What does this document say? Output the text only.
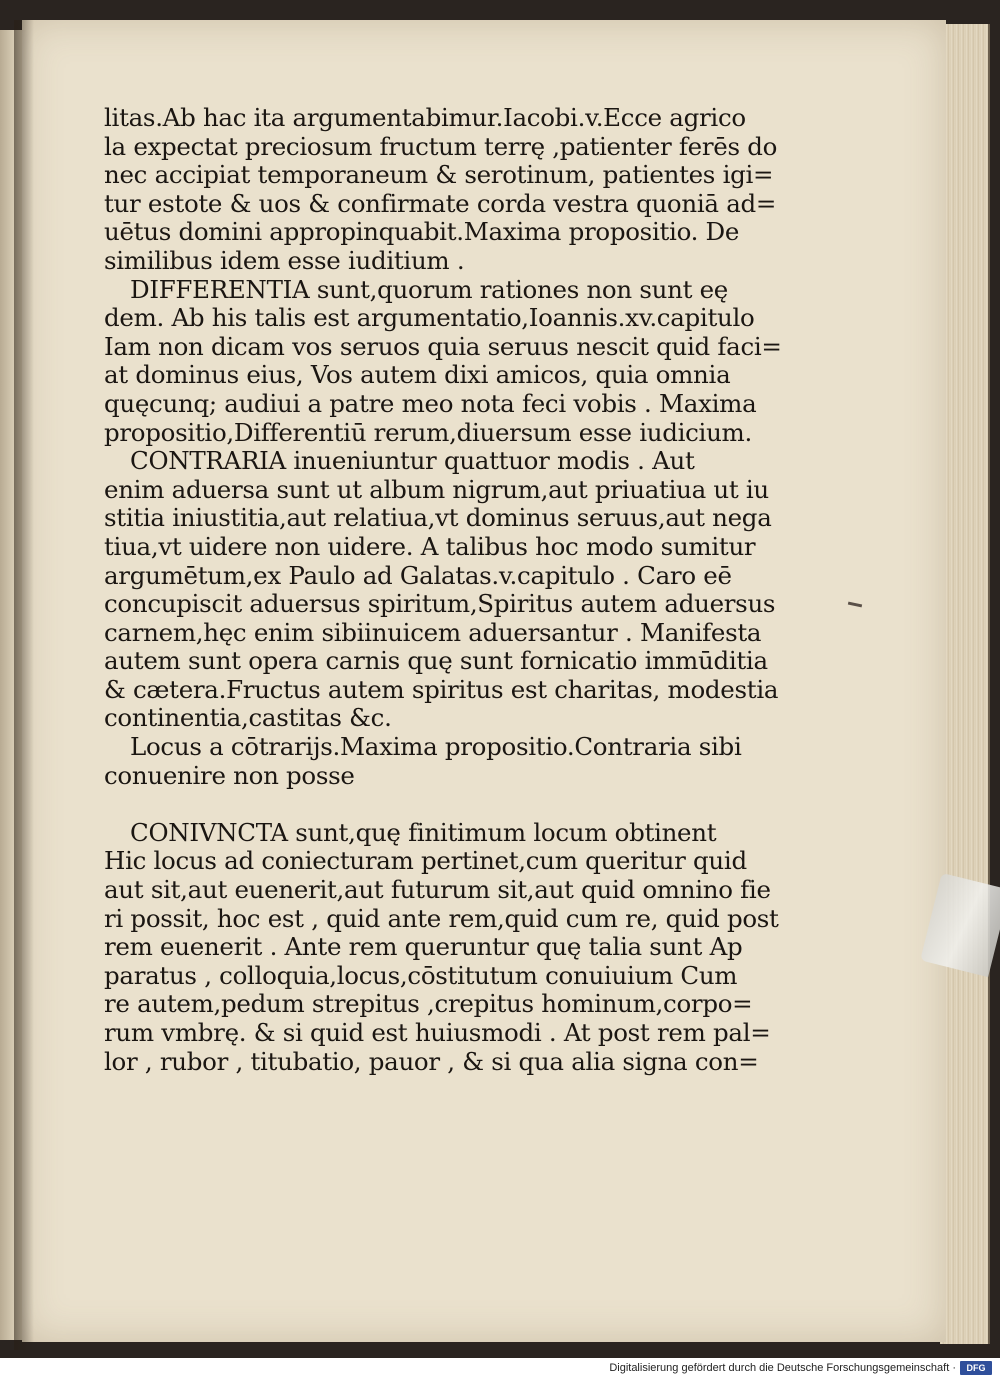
litas.Ab hac ita argumentabimur.Iacobi.v.Ecce agrico
la expectat preciosum fructum terrę ,patienter ferēs do
nec accipiat temporaneum & serotinum, patientes igi=
tur estote & uos & confirmate corda vestra quoniā ad=
uētus domini appropinquabit.Maxima propositio. De
similibus idem esse iuditium .
DIFFERENTIA sunt,quorum rationes non sunt eę
dem. Ab his talis est argumentatio,Ioannis.xv.capitulo
Iam non dicam vos seruos quia seruus nescit quid faci=
at dominus eius, Vos autem dixi amicos, quia omnia
quęcunq; audiui a patre meo nota feci vobis . Maxima
propositio,Differentiū rerum,diuersum esse iudicium.
CONTRARIA inueniuntur quattuor modis . Aut
enim aduersa sunt ut album nigrum,aut priuatiua ut iu
stitia iniustitia,aut relatiua,vt dominus seruus,aut nega
tiua,vt uidere non uidere. A talibus hoc modo sumitur
argumētum,ex Paulo ad Galatas.v.capitulo . Caro eē
concupiscit aduersus spiritum,Spiritus autem aduersus
carnem,hęc enim sibiinuicem aduersantur . Manifesta
autem sunt opera carnis quę sunt fornicatio immūditia
& cætera.Fructus autem spiritus est charitas, modestia
continentia,castitas &c.
Locus a cōtrarijs.Maxima propositio.Contraria sibi
conuenire non posse
CONIVNCTA sunt,quę finitimum locum obtinent
Hic locus ad coniecturam pertinet,cum queritur quid
aut sit,aut euenerit,aut futurum sit,aut quid omnino fie
ri possit, hoc est , quid ante rem,quid cum re, quid post
rem euenerit . Ante rem queruntur quę talia sunt Ap
paratus , colloquia,locus,cōstitutum conuiuium Cum
re autem,pedum strepitus ,crepitus hominum,corpo=
rum vmbrę. & si quid est huiusmodi . At post rem pal=
lor , rubor , titubatio, pauor , & si qua alia signa con=
Digitalisierung gefördert durch die Deutsche Forschungsgemeinschaft ·	DFG
